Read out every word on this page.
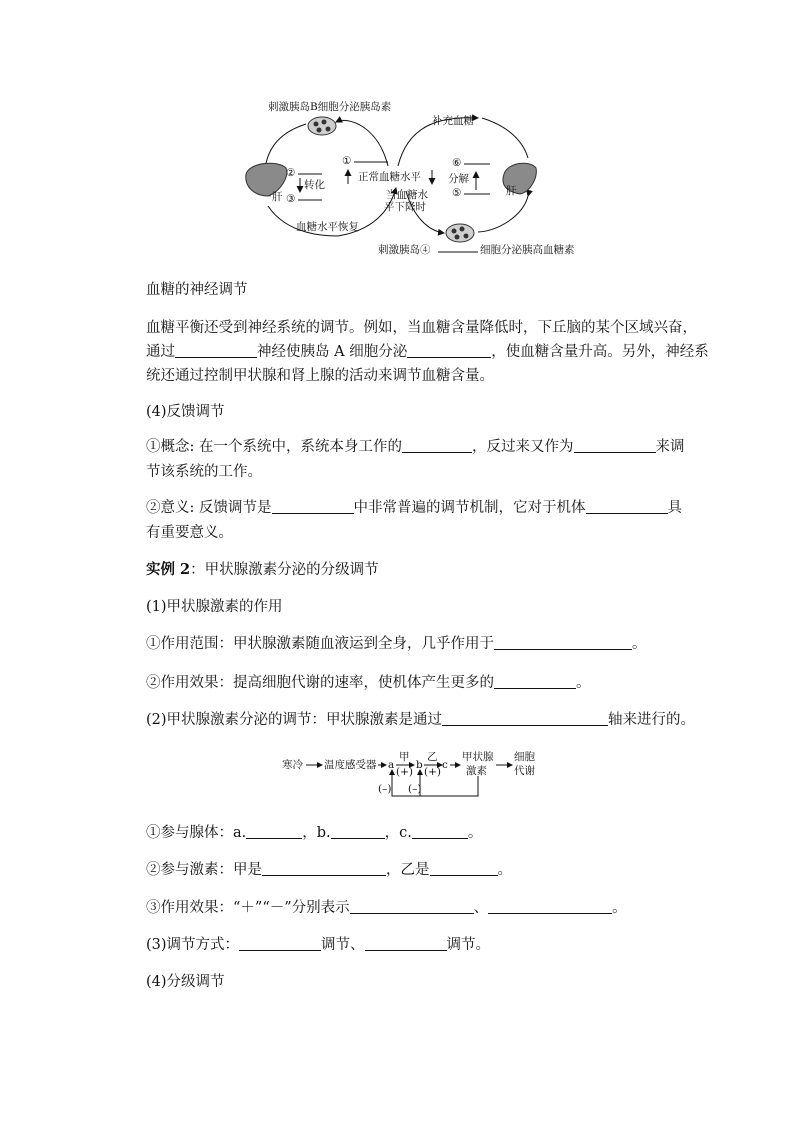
刺激胰岛B细胞分泌胰岛素
补充血糖
肝	肝
②
转化
③
①
正常血糖水平
当血糖水
平下降时
⑥
分解
⑤
血糖水平恢复
刺激胰岛④	细胞分泌胰高血糖素
血糖的神经调节
血糖平衡还受到神经系统的调节。例如，当血糖含量降低时，下丘脑的某个区域兴奋，
通过	神经使胰岛 A 细胞分泌	，使血糖含量升高。另外，神经系
统还通过控制甲状腺和肾上腺的活动来调节血糖含量。
(4)反馈调节
①概念: 在一个系统中，系统本身工作的	，反过来又作为	来调
节该系统的工作。
②意义: 反馈调节是	中非常普遍的调节机制，它对于机体	具
有重要意义。
实例 2：甲状腺激素分泌的分级调节
(1)甲状腺激素的作用
①作用范围：甲状腺激素随血液运到全身，几乎作用于	。
②作用效果：提高细胞代谢的速率，使机体产生更多的	。
(2)甲状腺激素分泌的调节：甲状腺激素是通过	轴来进行的。
寒冷 温度感受器 a
甲
(+)
b
乙
(+)
c
甲状腺
激素
细胞
代谢
(–) (–)
①参与腺体：a.	，b.	，c.	。
②参与激素：甲是	，乙是	。
③作用效果：“＋”“－”分别表示	、	。
(3)调节方式：	调节、	调节。
(4)分级调节
